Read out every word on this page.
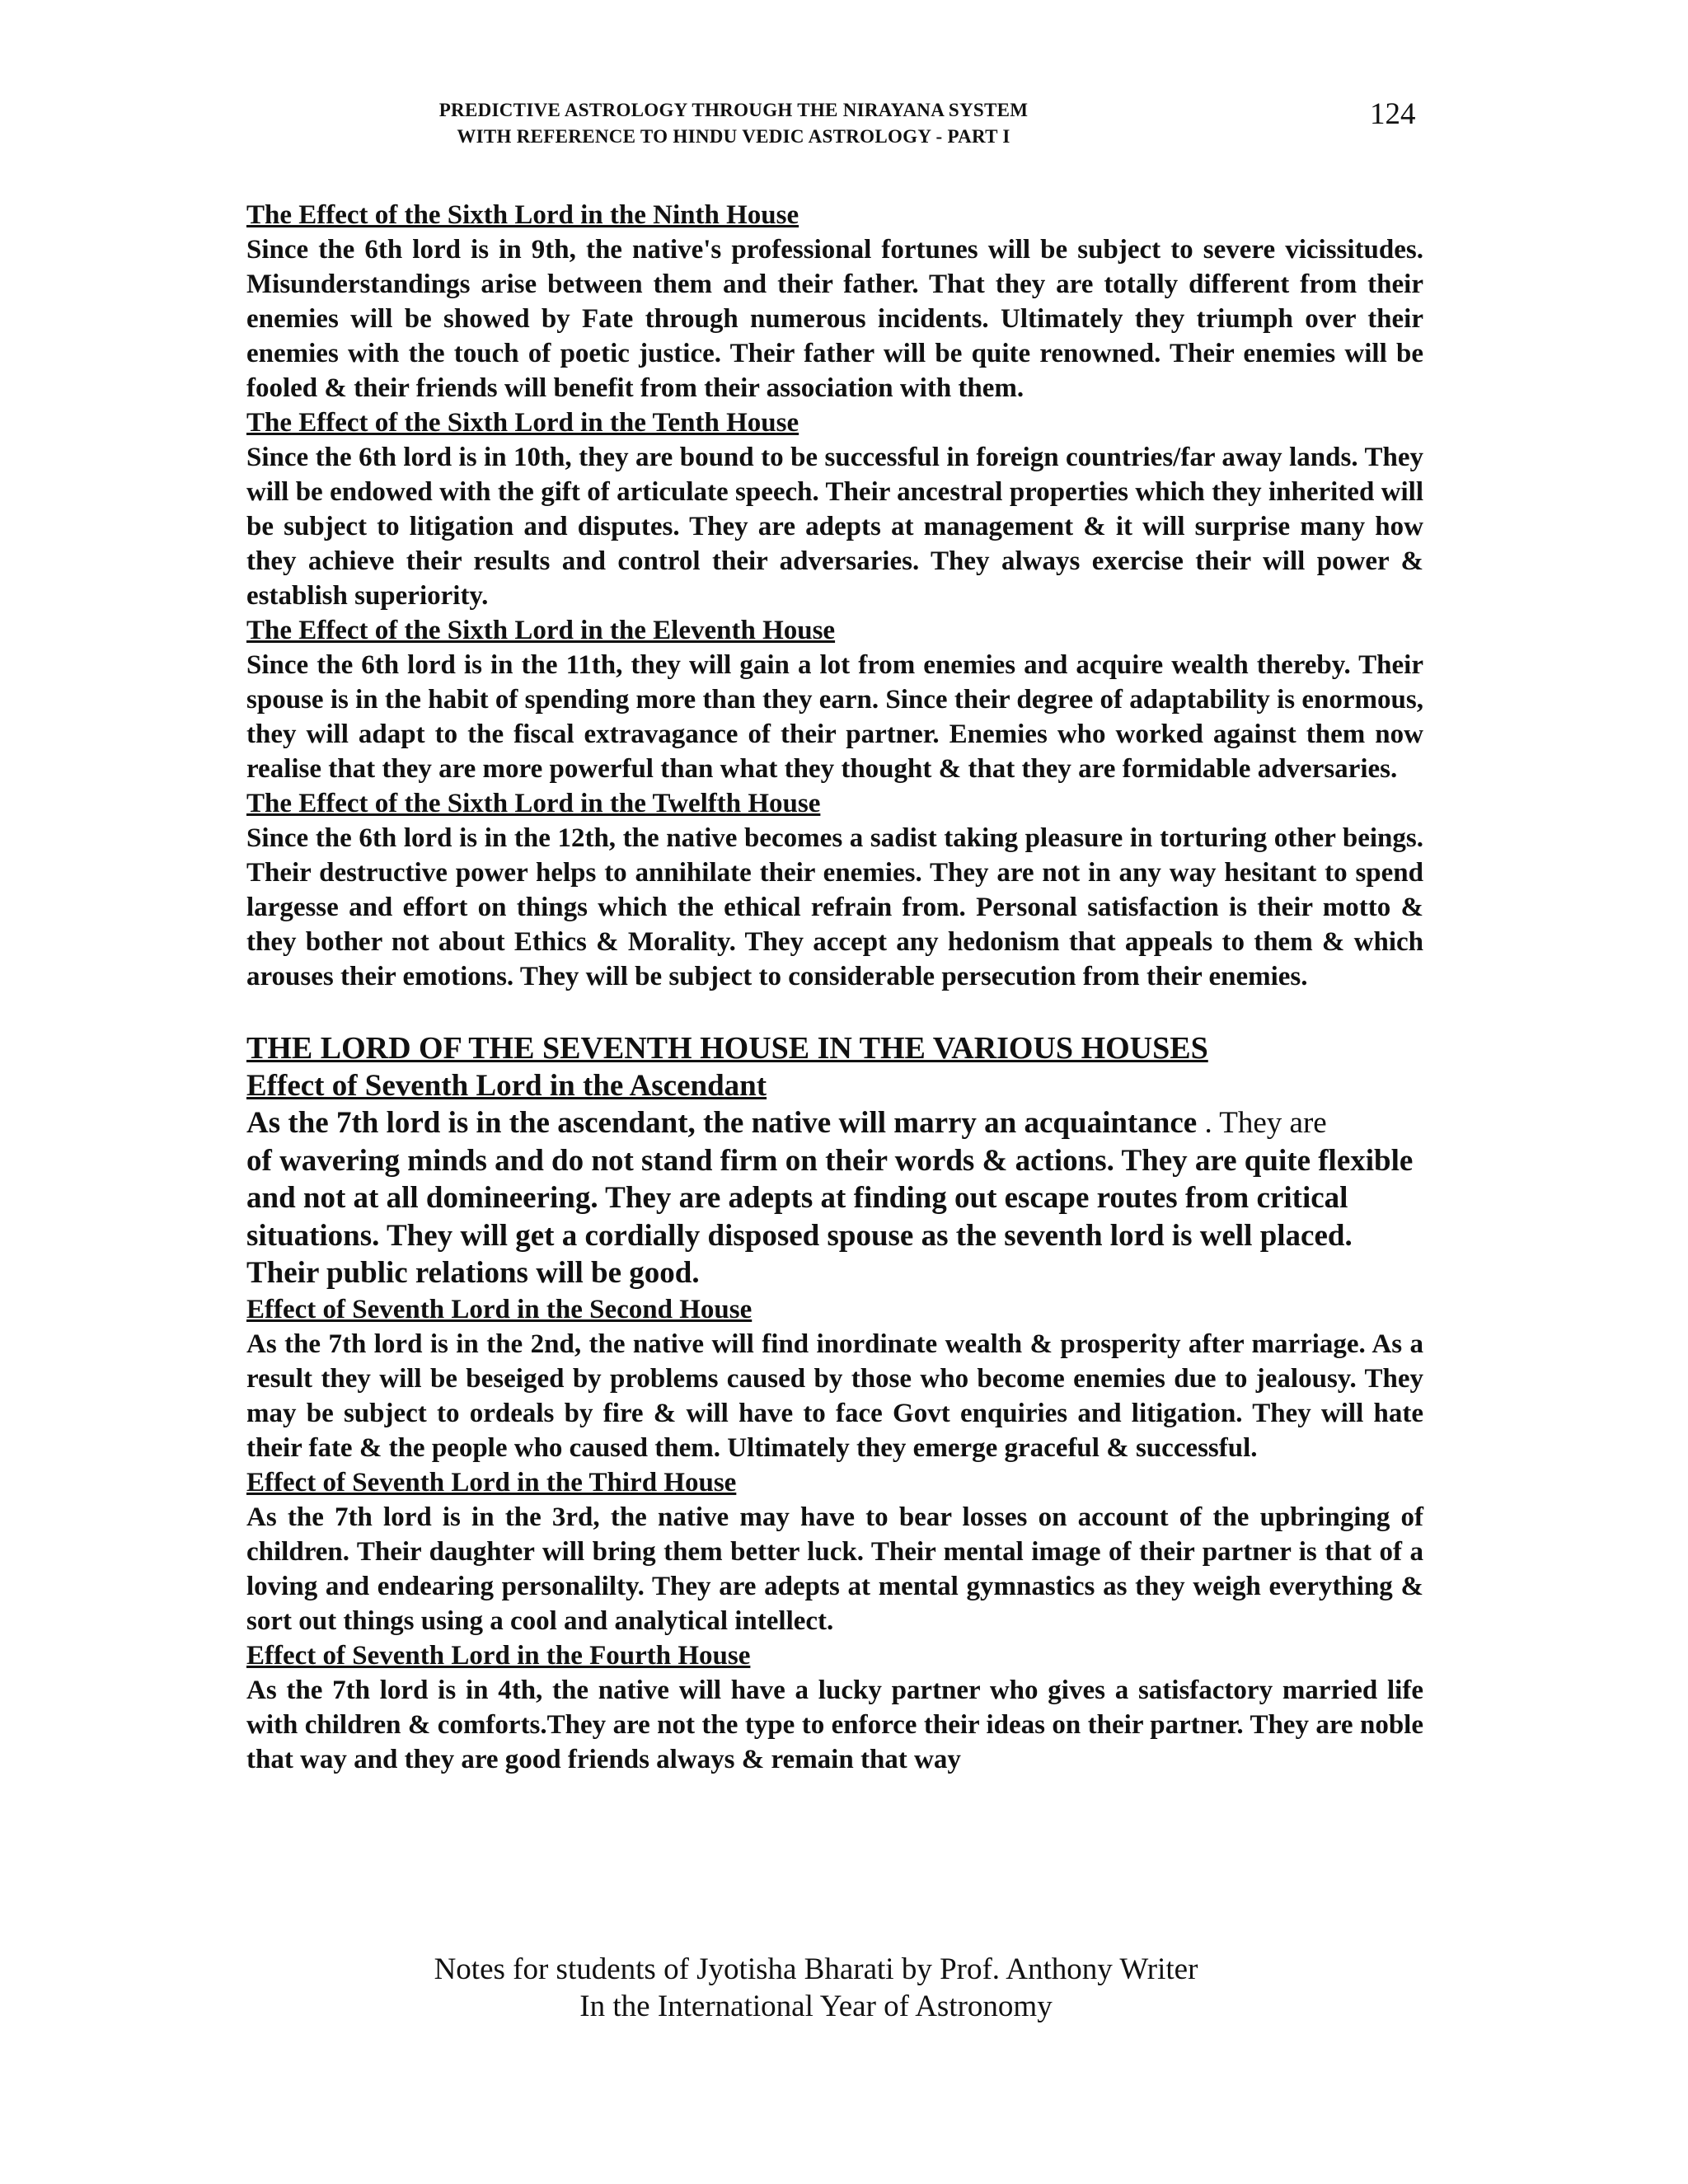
PREDICTIVE ASTROLOGY THROUGH THE NIRAYANA SYSTEM
WITH REFERENCE TO HINDU VEDIC ASTROLOGY - PART I
124
The Effect of the Sixth Lord in the Ninth House

Since the 6th lord is in 9th, the native's professional fortunes will be subject to severe vicissitudes. Misunderstandings arise between them and their father. That they are totally different from their enemies will be showed by Fate through numerous incidents. Ultimately they triumph over their enemies with the touch of poetic justice. Their father will be quite renowned. Their enemies will be fooled & their friends will benefit from their association with them.

The Effect of the Sixth Lord in the Tenth House

Since the 6th lord is in 10th, they are bound to be successful in foreign countries/far away lands. They will be endowed with the gift of articulate speech. Their ancestral properties which they inherited will be subject to litigation and disputes. They are adepts at management & it will surprise many how they achieve their results and control their adversaries. They always exercise their will power & establish superiority.

The Effect of the Sixth Lord in the Eleventh House

Since the 6th lord is in the 11th, they will gain a lot from enemies and acquire wealth thereby. Their spouse is in the habit of spending more than they earn. Since their degree of adaptability is enormous, they will adapt to the fiscal extravagance of their partner. Enemies who worked against them now realise that they are more powerful than what they thought & that they are formidable adversaries.

The Effect of the Sixth Lord in the Twelfth House

Since the 6th lord is in the 12th, the native becomes a sadist taking pleasure in torturing other beings. Their destructive power helps to annihilate their enemies. They are not in any way hesitant to spend largesse and effort on things which the ethical refrain from. Personal satisfaction is their motto & they bother not about Ethics & Morality. They accept any hedonism that appeals to them & which arouses their emotions. They will be subject to considerable persecution from their enemies.

THE LORD OF THE SEVENTH HOUSE IN THE VARIOUS HOUSES
Effect of Seventh Lord in the Ascendant

As the 7th lord is in the ascendant, the native will marry an acquaintance . They are
of wavering minds and do not stand firm on their words & actions. They are quite flexible and not at all domineering. They are adepts at finding out escape routes from critical situations. They will get a cordially disposed spouse as the seventh lord is well placed. Their public relations will be good.

Effect of Seventh Lord in the Second House

As the 7th lord is in the 2nd, the native will find inordinate wealth & prosperity after marriage. As a result they will be beseiged by problems caused by those who become enemies due to jealousy. They may be subject to ordeals by fire & will have to face Govt enquiries and litigation. They will hate their fate & the people who caused them. Ultimately they emerge graceful & successful.

Effect of Seventh Lord in the Third House

As the 7th lord is in the 3rd, the native may have to bear losses on account of the upbringing of children. Their daughter will bring them better luck. Their mental image of their partner is that of a loving and endearing personalilty. They are adepts at mental gymnastics as they weigh everything & sort out things using a cool and analytical intellect.

Effect of Seventh Lord in the Fourth House

As the 7th lord is in 4th, the native will have a lucky partner who gives a satisfactory married life with children & comforts.They are not the type to enforce their ideas on their partner. They are noble that way and they are good friends always & remain that way

Notes for students of Jyotisha Bharati by Prof. Anthony Writer
In the International Year of Astronomy
